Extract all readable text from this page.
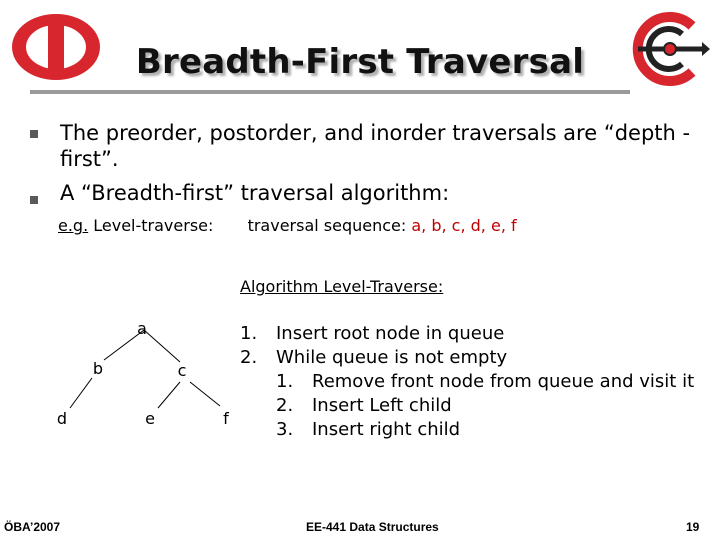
Breadth-First Traversal
The preorder, postorder, and inorder traversals are “depth -first”.
A “Breadth-first” traversal algorithm:
e.g. Level-traverse: traversal sequence: a, b, c, d, e, f
Algorithm Level-Traverse:
a
b	c
d	e	f
1. Insert root node in queue
2. While queue is not empty
1. Remove front node from queue and visit it
2. Insert Left child
3. Insert right child
ÖBA’2007	EE-441 Data Structures	19
